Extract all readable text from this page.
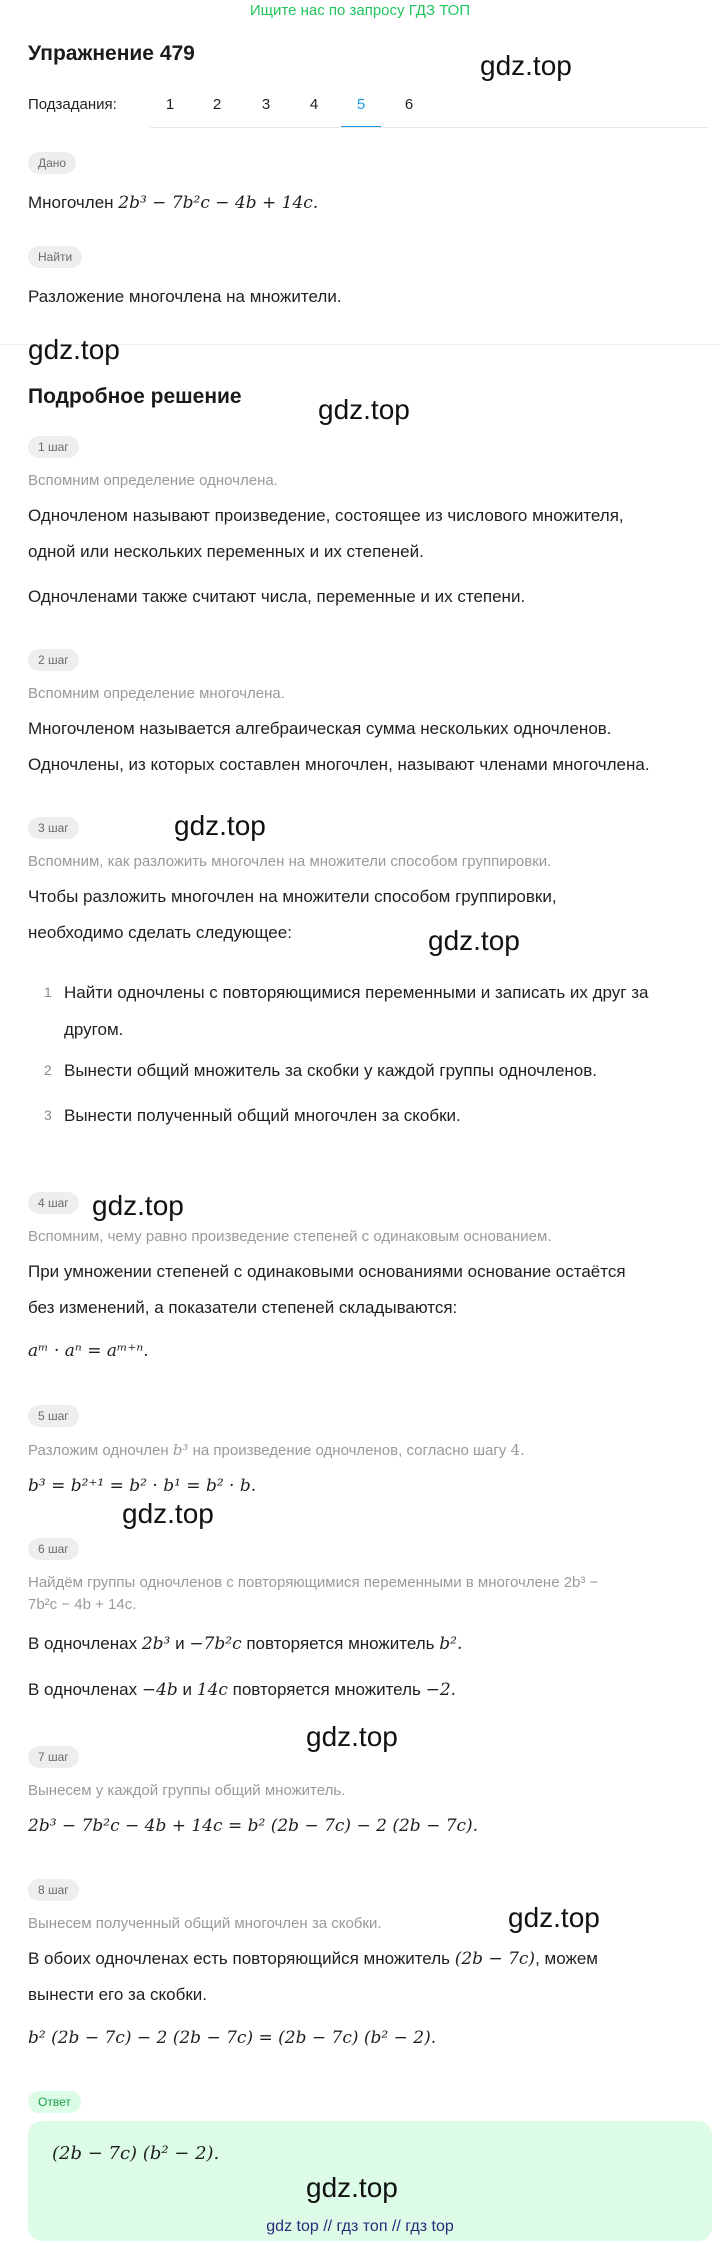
Ищите нас по запросу ГДЗ ТОП
Упражнение 479
Подзадания:	1	2	3	4	5	6
Дано
Многочлен 2b³ − 7b²c − 4b + 14c.
Найти
Разложение многочлена на множители.
Подробное решение
1 шаг
Вспомним определение одночлена.
Одночленом называют произведение, состоящее из числового множителя,
одной или нескольких переменных и их степеней.
Одночленами также считают числа, переменные и их степени.
2 шаг
Вспомним определение многочлена.
Многочленом называется алгебраическая сумма нескольких одночленов.
Одночлены, из которых составлен многочлен, называют членами многочлена.
3 шаг
Вспомним, как разложить многочлен на множители способом группировки.
Чтобы разложить многочлен на множители способом группировки,
необходимо сделать следующее:
1 Найти одночлены с повторяющимися переменными и записать их друг за
другом.
2 Вынести общий множитель за скобки у каждой группы одночленов.
3 Вынести полученный общий многочлен за скобки.
4 шаг
Вспомним, чему равно произведение степеней с одинаковым основанием.
При умножении степеней с одинаковыми основаниями основание остаётся
без изменений, а показатели степеней складываются:
aᵐ · aⁿ = aᵐ⁺ⁿ.
5 шаг
Разложим одночлен b³ на произведение одночленов, согласно шагу 4.
b³ = b²⁺¹ = b² · b¹ = b² · b.
6 шаг
Найдём группы одночленов с повторяющимися переменными в многочлене 2b³ −
7b²c − 4b + 14c.
В одночленах 2b³ и −7b²c повторяется множитель b².
В одночленах −4b и 14c повторяется множитель −2.
7 шаг
Вынесем у каждой группы общий множитель.
2b³ − 7b²c − 4b + 14c = b² (2b − 7c) − 2 (2b − 7c).
8 шаг
Вынесем полученный общий многочлен за скобки.
В обоих одночленах есть повторяющийся множитель (2b − 7c), можем
вынести его за скобки.
b² (2b − 7c) − 2 (2b − 7c) = (2b − 7c) (b² − 2).
Ответ
(2b − 7c) (b² − 2).
gdz.top
gdz.top
gdz.top
gdz.top
gdz.top
gdz.top
gdz.top
gdz.top
gdz.top
gdz.top
gdz top // гдз топ // гдз top
